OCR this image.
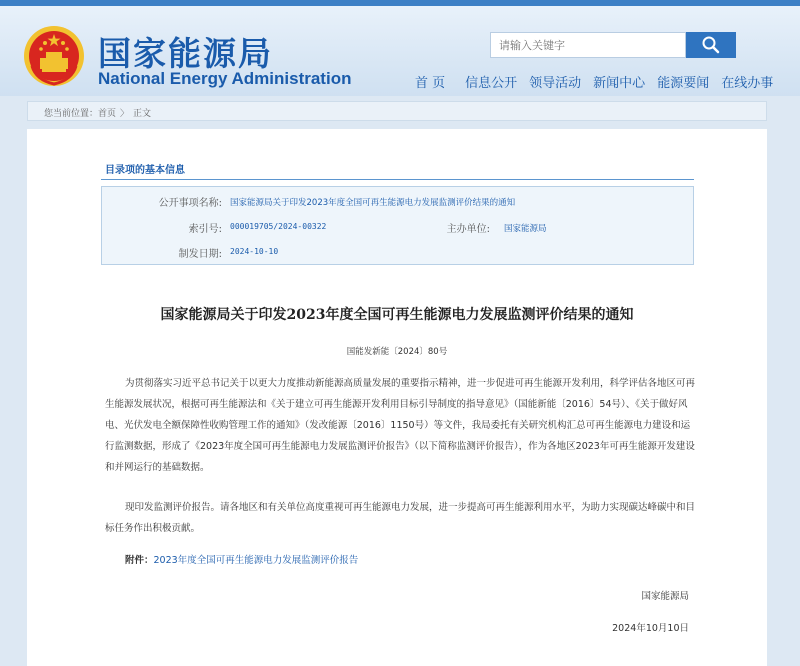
国家能源局
National Energy Administration
请输入关键字	首 页 信息公开 领导活动 新闻中心 能源要闻 在线办事
您当前位置：首页 〉 正文
目录项的基本信息
公开事项名称: 国家能源局关于印发2023年度全国可再生能源电力发展监测评价结果的通知
索引号: 000019705/2024-00322	主办单位: 国家能源局
制发日期: 2024-10-10
国家能源局关于印发2023年度全国可再生能源电力发展监测评价结果的通知
国能发新能〔2024〕80号
为贯彻落实习近平总书记关于以更大力度推动新能源高质量发展的重要指示精神，进一步促进可再生能源开发利用，科学评估各地区可再生能源发展状况，根据可再生能源法和《关于建立可再生能源开发利用目标引导制度的指导意见》（国能新能〔2016〕54号）、《关于做好风电、光伏发电全额保障性收购管理工作的通知》（发改能源〔2016〕1150号）等文件，我局委托有关研究机构汇总可再生能源电力建设和运行监测数据，形成了《2023年度全国可再生能源电力发展监测评价报告》（以下简称监测评价报告），作为各地区2023年可再生能源开发建设和并网运行的基础数据。
现印发监测评价报告。请各地区和有关单位高度重视可再生能源电力发展，进一步提高可再生能源利用水平，为助力实现碳达峰碳中和目标任务作出积极贡献。
附件：2023年度全国可再生能源电力发展监测评价报告
国家能源局
2024年10月10日
